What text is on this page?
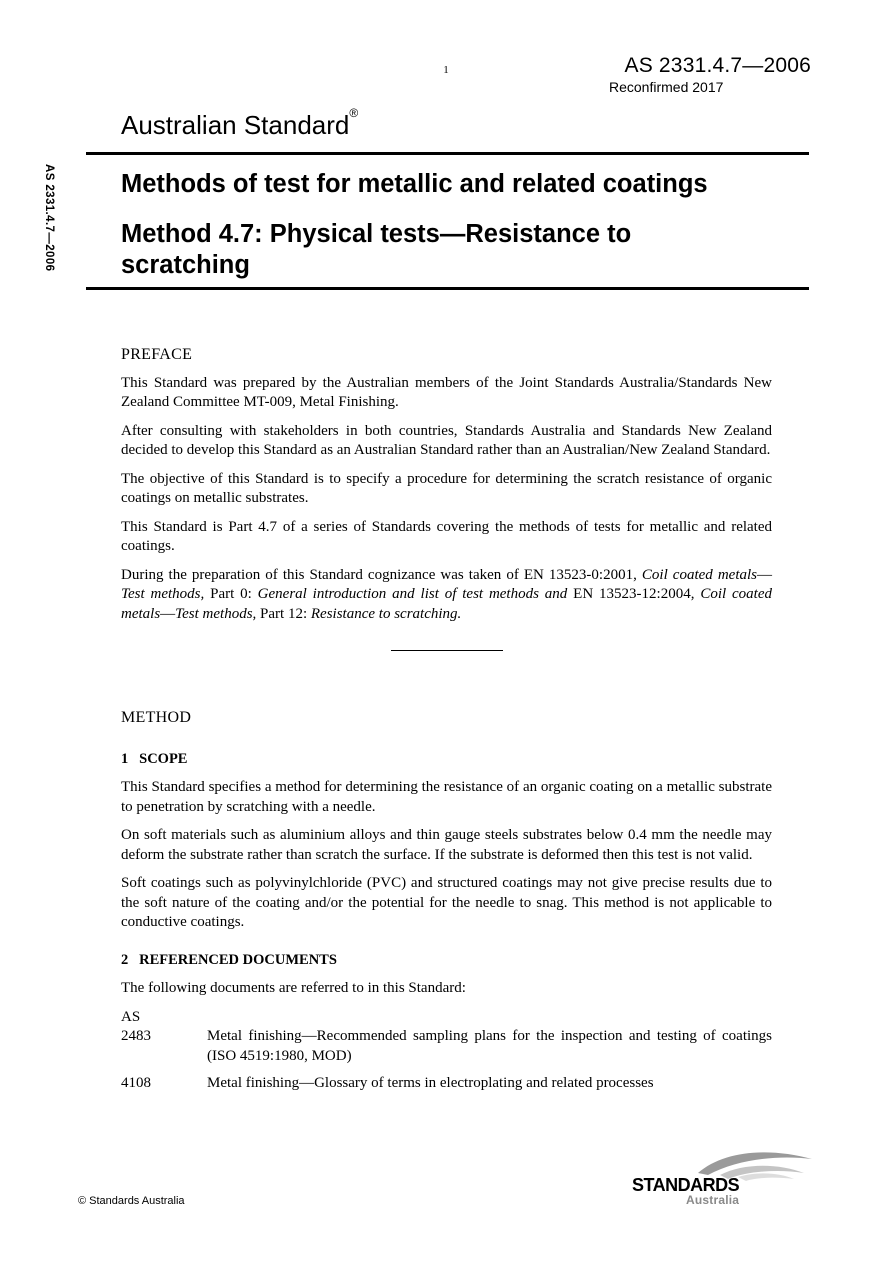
1	AS 2331.4.7—2006
Reconfirmed 2017
Australian Standard®
AS 2331.4.7—2006	Methods of test for metallic and related coatings
Method 4.7: Physical tests—Resistance to scratching

PREFACE

This Standard was prepared by the Australian members of the Joint Standards Australia/Standards New Zealand Committee MT-009, Metal Finishing.

After consulting with stakeholders in both countries, Standards Australia and Standards New Zealand decided to develop this Standard as an Australian Standard rather than an Australian/New Zealand Standard.

The objective of this Standard is to specify a procedure for determining the scratch resistance of organic coatings on metallic substrates.

This Standard is Part 4.7 of a series of Standards covering the methods of tests for metallic and related coatings.

During the preparation of this Standard cognizance was taken of EN 13523-0:2001, Coil coated metals—Test methods, Part 0: General introduction and list of test methods and EN 13523-12:2004, Coil coated metals—Test methods, Part 12: Resistance to scratching.

METHOD

1   SCOPE

This Standard specifies a method for determining the resistance of an organic coating on a metallic substrate to penetration by scratching with a needle.

On soft materials such as aluminium alloys and thin gauge steels substrates below 0.4 mm the needle may deform the substrate rather than scratch the surface. If the substrate is deformed then this test is not valid.

Soft coatings such as polyvinylchloride (PVC) and structured coatings may not give precise results due to the soft nature of the coating and/or the potential for the needle to snag. This method is not applicable to conductive coatings.

2   REFERENCED DOCUMENTS

The following documents are referred to in this Standard:

AS
2483	Metal finishing—Recommended sampling plans for the inspection and testing of coatings (ISO 4519:1980, MOD)
4108	Metal finishing—Glossary of terms in electroplating and related processes
© Standards Australia
STANDARDS
Australia
